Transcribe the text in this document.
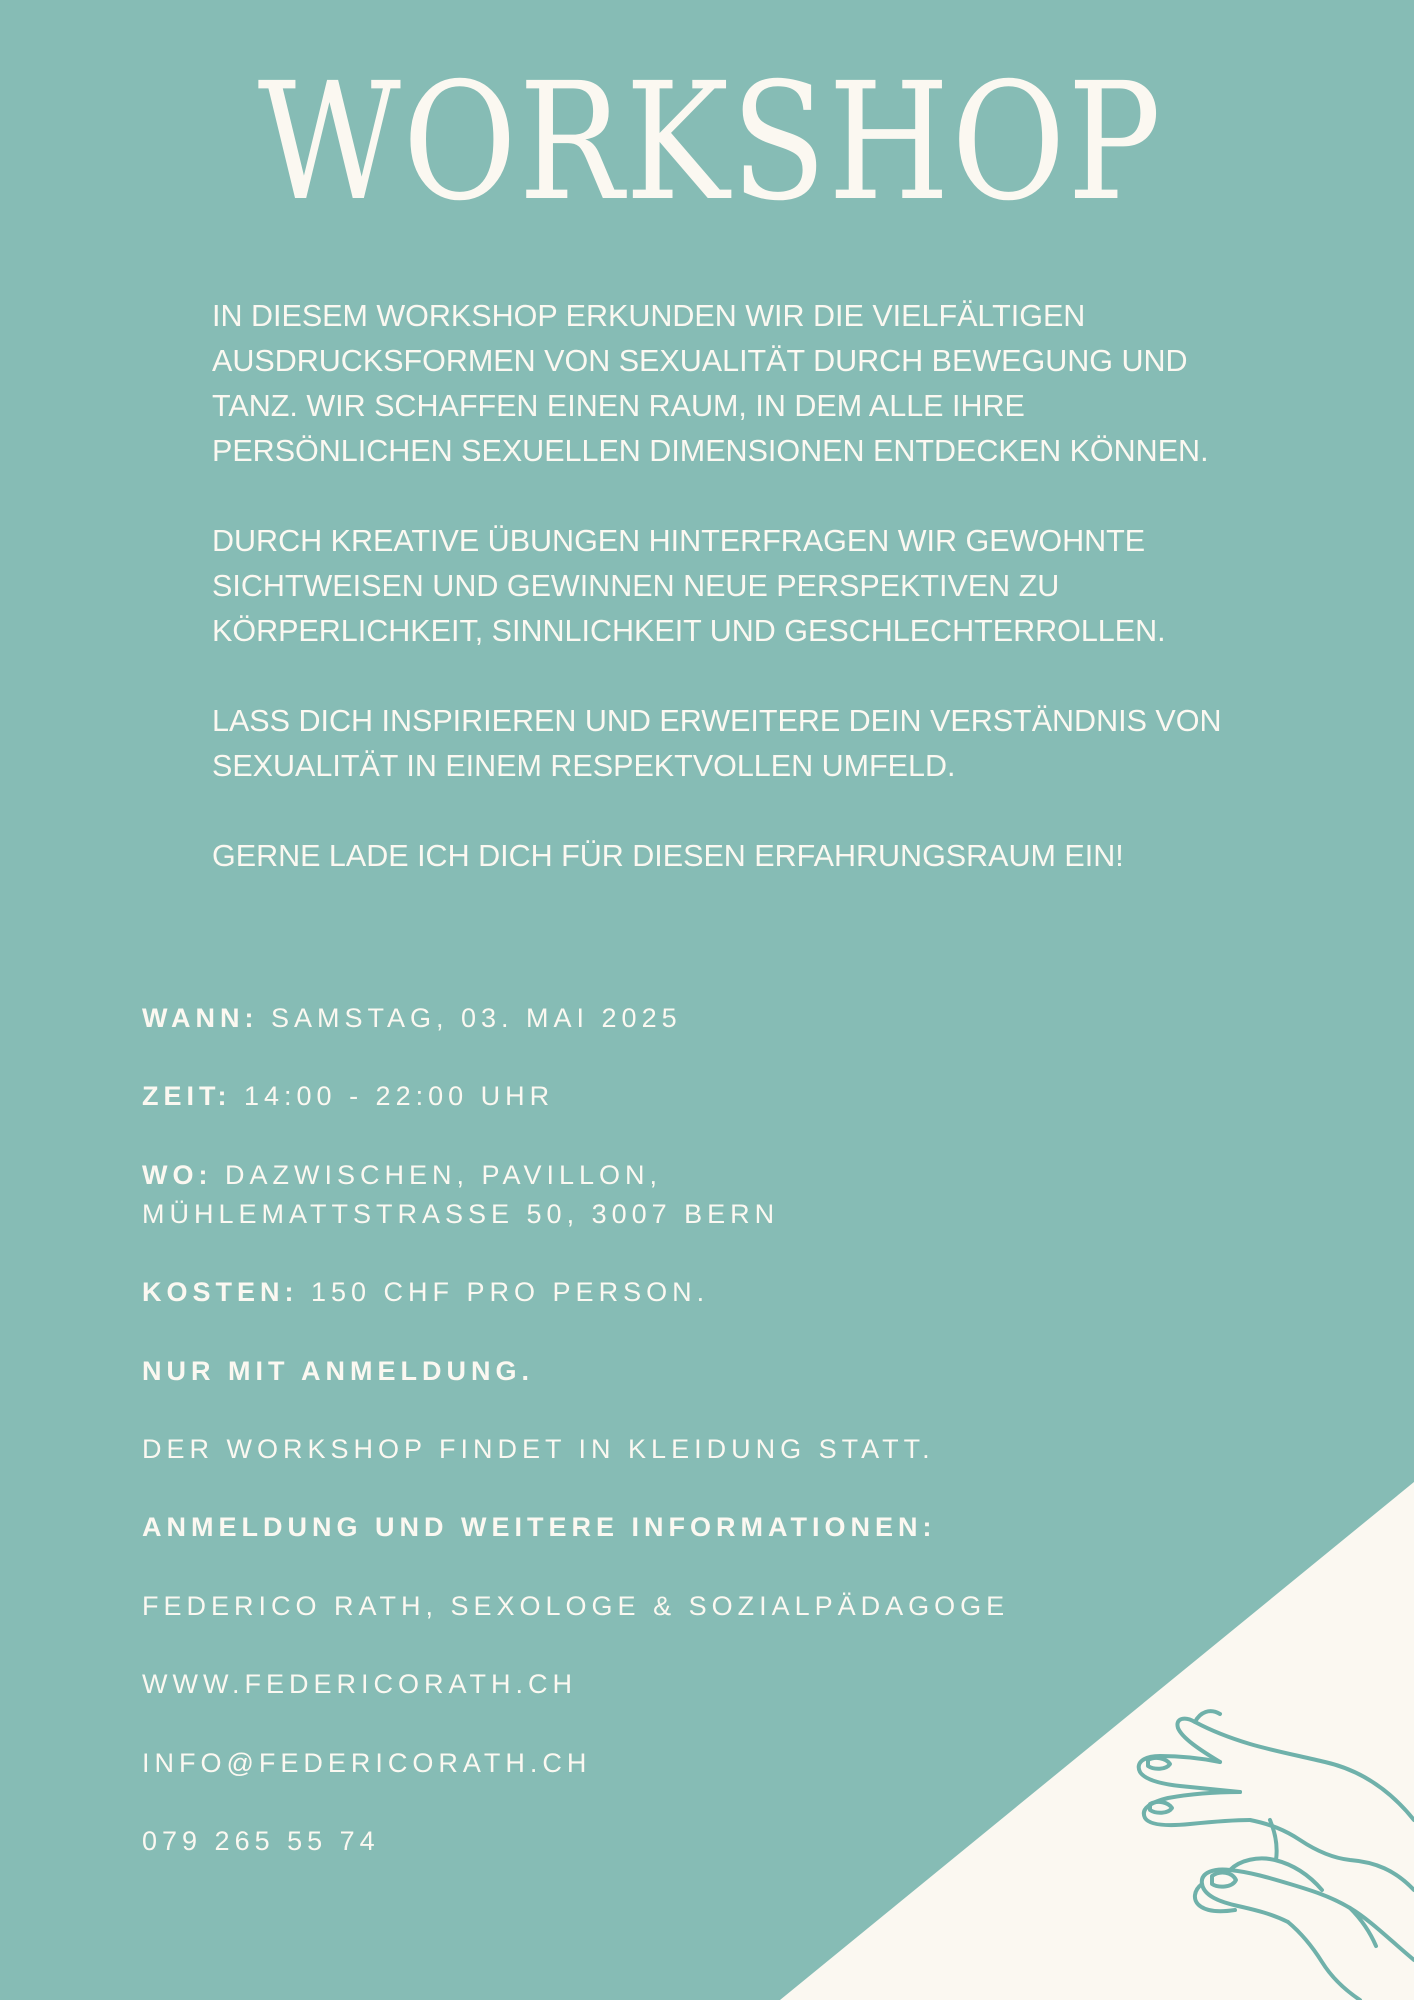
WORKSHOP

IN DIESEM WORKSHOP ERKUNDEN WIR DIE VIELFÄLTIGEN
AUSDRUCKSFORMEN VON SEXUALITÄT DURCH BEWEGUNG UND
TANZ. WIR SCHAFFEN EINEN RAUM, IN DEM ALLE IHRE
PERSÖNLICHEN SEXUELLEN DIMENSIONEN ENTDECKEN KÖNNEN.

DURCH KREATIVE ÜBUNGEN HINTERFRAGEN WIR GEWOHNTE
SICHTWEISEN UND GEWINNEN NEUE PERSPEKTIVEN ZU
KÖRPERLICHKEIT, SINNLICHKEIT UND GESCHLECHTERROLLEN.

LASS DICH INSPIRIEREN UND ERWEITERE DEIN VERSTÄNDNIS VON
SEXUALITÄT IN EINEM RESPEKTVOLLEN UMFELD.

GERNE LADE ICH DICH FÜR DIESEN ERFAHRUNGSRAUM EIN!

WANN: SAMSTAG, 03. MAI 2025
ZEIT: 14:00 - 22:00 UHR
WO: DAZWISCHEN, PAVILLON,
MÜHLEMATTSTRASSE 50, 3007 BERN
KOSTEN: 150 CHF PRO PERSON.
NUR MIT ANMELDUNG.
DER WORKSHOP FINDET IN KLEIDUNG STATT.
ANMELDUNG UND WEITERE INFORMATIONEN:
FEDERICO RATH, SEXOLOGE & SOZIALPÄDAGOGE
WWW.FEDERICORATH.CH
INFO@FEDERICORATH.CH
079 265 55 74
